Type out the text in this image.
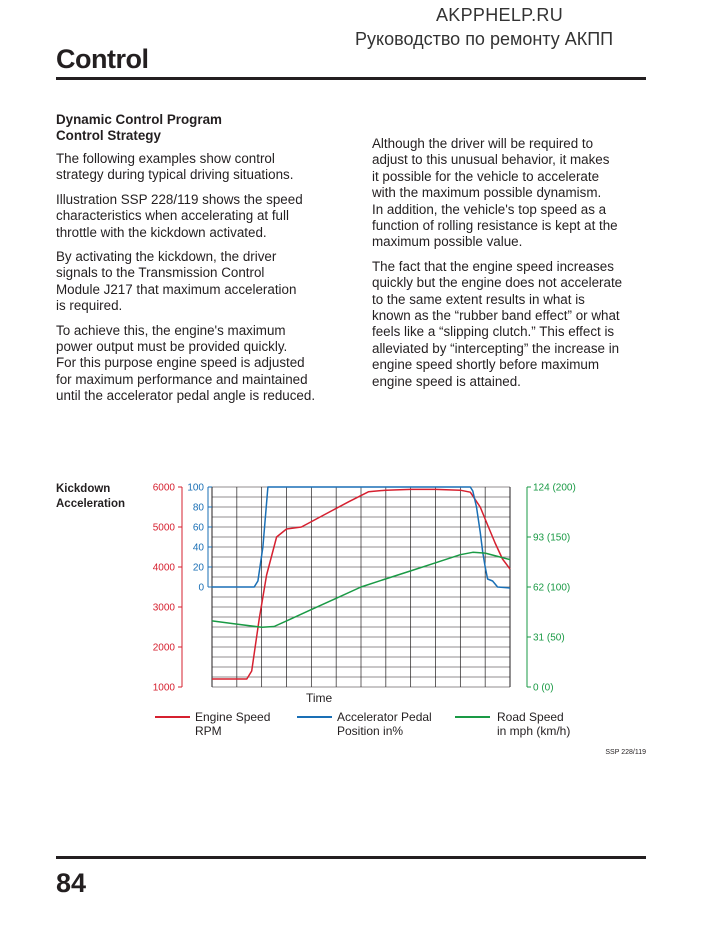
AKPPHELP.RU
Руководство по ремонту АКПП
Control
Dynamic Control Program
Control Strategy

The following examples show control
strategy during typical driving situations.

Illustration SSP 228/119 shows the speed
characteristics when accelerating at full
throttle with the kickdown activated.

By activating the kickdown, the driver
signals to the Transmission Control
Module J217 that maximum acceleration
is required.

To achieve this, the engine's maximum
power output must be provided quickly.
For this purpose engine speed is adjusted
for maximum performance and maintained
until the accelerator pedal angle is reduced.

Although the driver will be required to
adjust to this unusual behavior, it makes
it possible for the vehicle to accelerate
with the maximum possible dynamism.
In addition, the vehicle's top speed as a
function of rolling resistance is kept at the
maximum possible value.

The fact that the engine speed increases
quickly but the engine does not accelerate
to the same extent results in what is
known as the “rubber band effect” or what
feels like a “slipping clutch.” This effect is
alleviated by “intercepting” the increase in
engine speed shortly before maximum
engine speed is attained.

Kickdown
Acceleration
6000
5000
4000
3000
2000
1000
100
80
60
40
20
0
124 (200)
93 (150)
62 (100)
31 (50)
0 (0)
Time
Engine Speed
RPM
Accelerator Pedal
Position in%
Road Speed
in mph (km/h)
SSP 228/119
84
